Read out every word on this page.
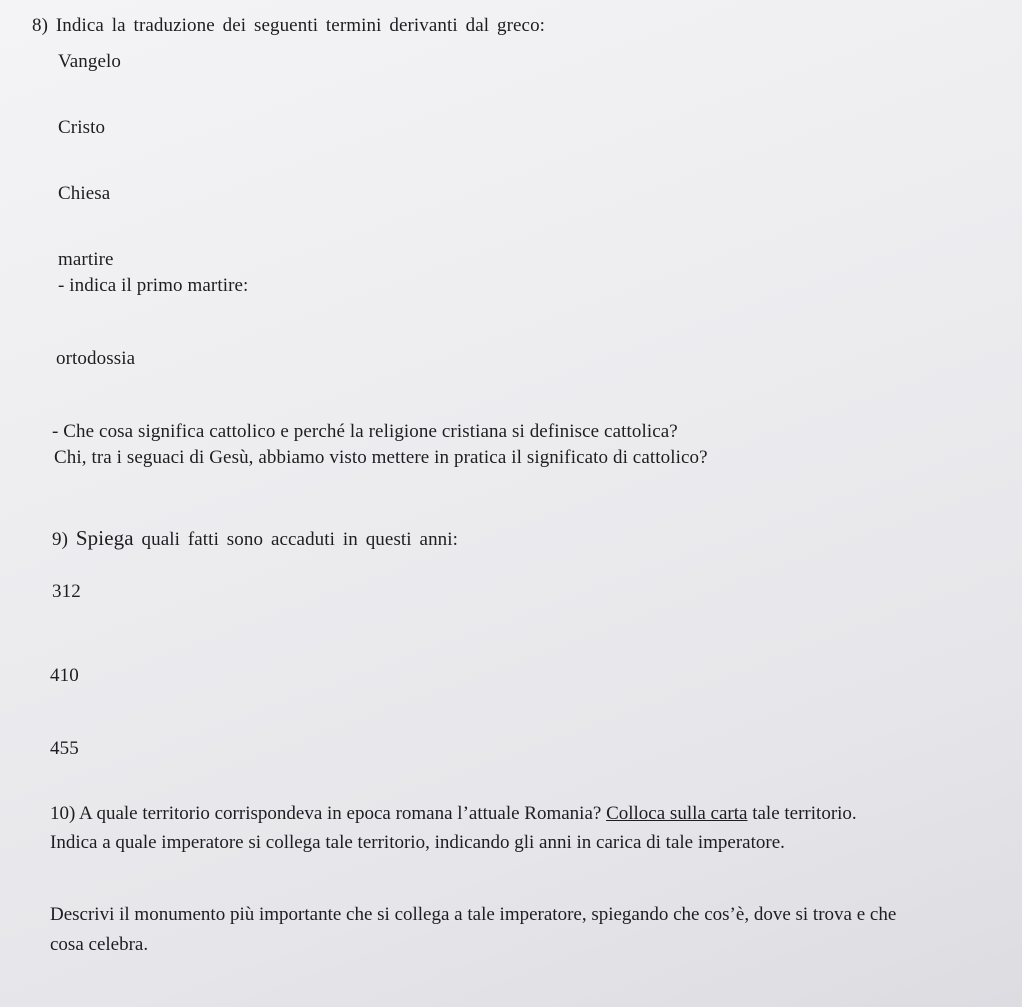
8) Indica la traduzione dei seguenti termini derivanti dal greco:
Vangelo
Cristo
Chiesa
martire
- indica il primo martire:
ortodossia
- Che cosa significa cattolico e perché la religione cristiana si definisce cattolica?
Chi, tra i seguaci di Gesù, abbiamo visto mettere in pratica il significato di cattolico?
9) Spiega quali fatti sono accaduti in questi anni:
312
410
455
10) A quale territorio corrispondeva in epoca romana l’attuale Romania? Colloca sulla carta tale territorio. Indica a quale imperatore si collega tale territorio, indicando gli anni in carica di tale imperatore.
Descrivi il monumento più importante che si collega a tale imperatore, spiegando che cos’è, dove si trova e che cosa celebra.
